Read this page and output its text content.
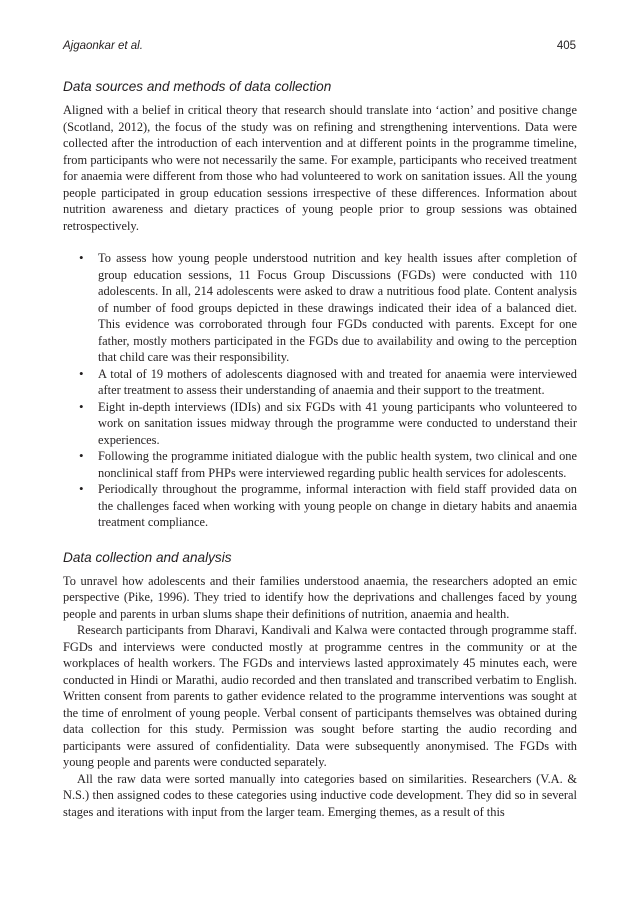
Ajgaonkar et al.	405
Data sources and methods of data collection

Aligned with a belief in critical theory that research should translate into ‘action’ and positive change (Scotland, 2012), the focus of the study was on refining and strengthening interventions. Data were collected after the introduction of each intervention and at different points in the programme timeline, from participants who were not necessarily the same. For example, participants who received treatment for anaemia were different from those who had volunteered to work on sanitation issues. All the young people participated in group education sessions irrespective of these differences. Information about nutrition awareness and dietary practices of young people prior to group sessions was obtained retrospectively.

• To assess how young people understood nutrition and key health issues after completion of group education sessions, 11 Focus Group Discussions (FGDs) were conducted with 110 adolescents. In all, 214 adolescents were asked to draw a nutritious food plate. Content analysis of number of food groups depicted in these drawings indicated their idea of a balanced diet. This evidence was corroborated through four FGDs conducted with parents. Except for one father, mostly mothers participated in the FGDs due to availability and owing to the perception that child care was their responsibility.
• A total of 19 mothers of adolescents diagnosed with and treated for anaemia were interviewed after treatment to assess their understanding of anaemia and their support to the treatment.
• Eight in-depth interviews (IDIs) and six FGDs with 41 young participants who volunteered to work on sanitation issues midway through the programme were conducted to understand their experiences.
• Following the programme initiated dialogue with the public health system, two clinical and one nonclinical staff from PHPs were interviewed regarding public health services for adolescents.
• Periodically throughout the programme, informal interaction with field staff provided data on the challenges faced when working with young people on change in dietary habits and anaemia treatment compliance.
Data collection and analysis

To unravel how adolescents and their families understood anaemia, the researchers adopted an emic perspective (Pike, 1996). They tried to identify how the deprivations and challenges faced by young people and parents in urban slums shape their definitions of nutrition, anaemia and health.

Research participants from Dharavi, Kandivali and Kalwa were contacted through programme staff. FGDs and interviews were conducted mostly at programme centres in the community or at the workplaces of health workers. The FGDs and interviews lasted approximately 45 minutes each, were conducted in Hindi or Marathi, audio recorded and then translated and transcribed verbatim to English. Written consent from parents to gather evidence related to the programme interventions was sought at the time of enrolment of young people. Verbal consent of participants themselves was obtained during data collection for this study. Permission was sought before starting the audio recording and participants were assured of confidentiality. Data were subsequently anonymised. The FGDs with young people and parents were conducted separately.

All the raw data were sorted manually into categories based on similarities. Researchers (V.A. & N.S.) then assigned codes to these categories using inductive code development. They did so in several stages and iterations with input from the larger team. Emerging themes, as a result of this
